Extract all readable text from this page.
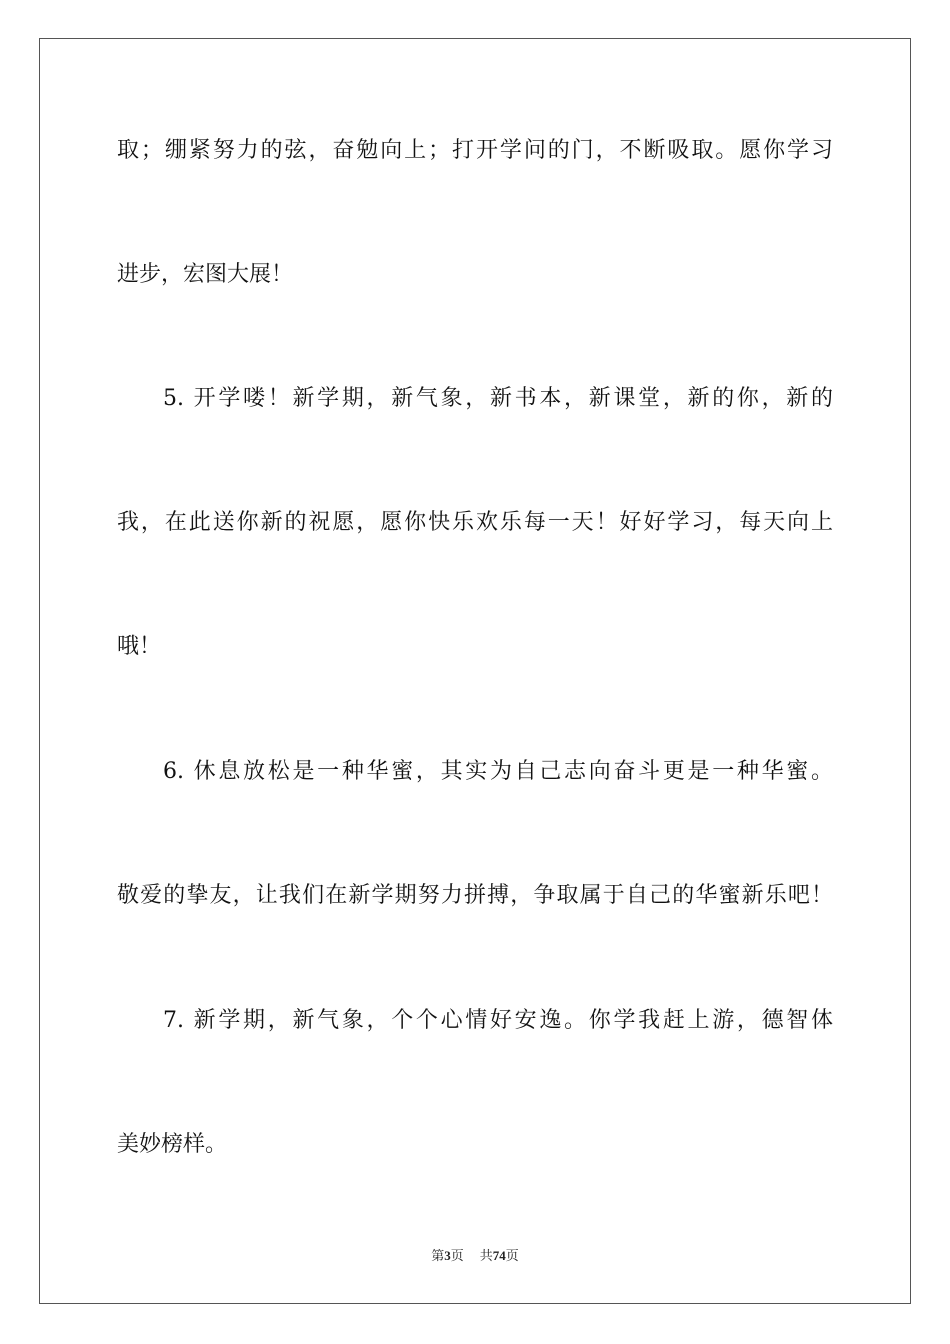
取；绷紧努力的弦，奋勉向上；打开学问的门，不断吸取。愿你学习
进步，宏图大展！
5. 开学喽！新学期，新气象，新书本，新课堂，新的你，新的
我，在此送你新的祝愿，愿你快乐欢乐每一天！好好学习，每天向上
哦！
6. 休息放松是一种华蜜，其实为自己志向奋斗更是一种华蜜。
敬爱的挚友，让我们在新学期努力拼搏，争取属于自己的华蜜新乐吧！
7. 新学期，新气象，个个心情好安逸。你学我赶上游，德智体
美妙榜样。
第3页 共74页
